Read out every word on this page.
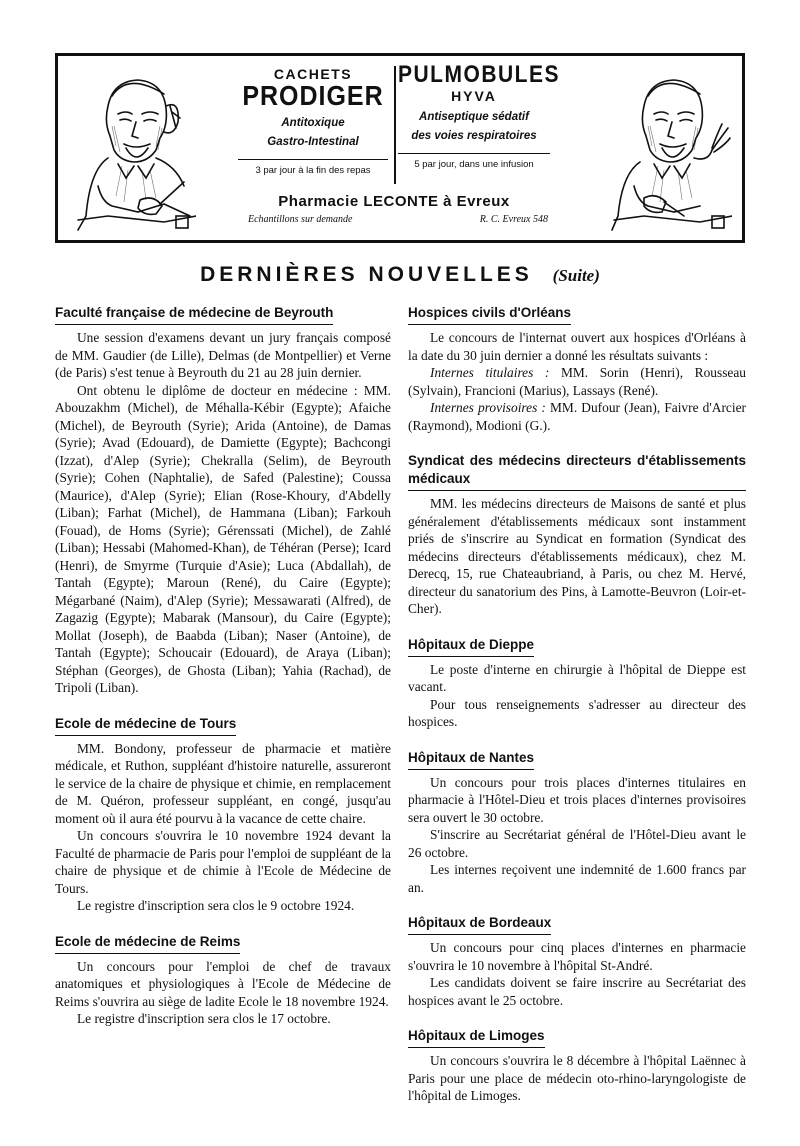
CACHETS
PRODIGER
Antitoxique
Gastro-Intestinal
3 par jour à la fin des repas
PULMOBULES
HYVA
Antiseptique sédatif
des voies respiratoires
5 par jour, dans une infusion
Pharmacie LECONTE à Evreux
Echantillons sur demande	R. C. Evreux 548
DERNIÈRES NOUVELLES (Suite)
Faculté française de médecine de Beyrouth

Une session d'examens devant un jury français composé de MM. Gaudier (de Lille), Delmas (de Montpellier) et Verne (de Paris) s'est tenue à Beyrouth du 21 au 28 juin dernier.

Ont obtenu le diplôme de docteur en médecine : MM. Abouzakhm (Michel), de Méhalla-Kébir (Egypte); Afaiche (Michel), de Beyrouth (Syrie); Arida (Antoine), de Damas (Syrie); Avad (Edouard), de Damiette (Egypte); Bachcongi (Izzat), d'Alep (Syrie); Chekralla (Selim), de Beyrouth (Syrie); Cohen (Naphtalie), de Safed (Palestine); Coussa (Maurice), d'Alep (Syrie); Elian (Rose-Khoury, d'Abdelly (Liban); Farhat (Michel), de Hammana (Liban); Farkouh (Fouad), de Homs (Syrie); Gérenssati (Michel), de Zahlé (Liban); Hessabi (Mahomed-Khan), de Téhéran (Perse); Icard (Henri), de Smyrme (Turquie d'Asie); Luca (Abdallah), de Tantah (Egypte); Maroun (René), du Caire (Egypte); Mégarbané (Naim), d'Alep (Syrie); Messawarati (Alfred), de Zagazig (Egypte); Mabarak (Mansour), du Caire (Egypte); Mollat (Joseph), de Baabda (Liban); Naser (Antoine), de Tantah (Egypte); Schoucair (Edouard), de Araya (Liban); Stéphan (Georges), de Ghosta (Liban); Yahia (Rachad), de Tripoli (Liban).

Ecole de médecine de Tours

MM. Bondony, professeur de pharmacie et matière médicale, et Ruthon, suppléant d'histoire naturelle, assureront le service de la chaire de physique et chimie, en remplacement de M. Quéron, professeur suppléant, en congé, jusqu'au moment où il aura été pourvu à la vacance de cette chaire.

Un concours s'ouvrira le 10 novembre 1924 devant la Faculté de pharmacie de Paris pour l'emploi de suppléant de la chaire de physique et de chimie à l'Ecole de Médecine de Tours.

Le registre d'inscription sera clos le 9 octobre 1924.

Ecole de médecine de Reims

Un concours pour l'emploi de chef de travaux anatomiques et physiologiques à l'Ecole de Médecine de Reims s'ouvrira au siège de ladite Ecole le 18 novembre 1924.

Le registre d'inscription sera clos le 17 octobre.

Hospices civils d'Orléans

Le concours de l'internat ouvert aux hospices d'Orléans à la date du 30 juin dernier a donné les résultats suivants :

Internes titulaires : MM. Sorin (Henri), Rousseau (Sylvain), Francioni (Marius), Lassays (René).

Internes provisoires : MM. Dufour (Jean), Faivre d'Arcier (Raymond), Modioni (G.).

Syndicat des médecins directeurs d'établissements médicaux

MM. les médecins directeurs de Maisons de santé et plus généralement d'établissements médicaux sont instamment priés de s'inscrire au Syndicat en formation (Syndicat des médecins directeurs d'établissements médicaux), chez M. Derecq, 15, rue Chateaubriand, à Paris, ou chez M. Hervé, directeur du sanatorium des Pins, à Lamotte-Beuvron (Loir-et-Cher).

Hôpitaux de Dieppe

Le poste d'interne en chirurgie à l'hôpital de Dieppe est vacant.

Pour tous renseignements s'adresser au directeur des hospices.

Hôpitaux de Nantes

Un concours pour trois places d'internes titulaires en pharmacie à l'Hôtel-Dieu et trois places d'internes provisoires sera ouvert le 30 octobre.

S'inscrire au Secrétariat général de l'Hôtel-Dieu avant le 26 octobre.

Les internes reçoivent une indemnité de 1.600 francs par an.

Hôpitaux de Bordeaux

Un concours pour cinq places d'internes en pharmacie s'ouvrira le 10 novembre à l'hôpital St-André.

Les candidats doivent se faire inscrire au Secrétariat des hospices avant le 25 octobre.

Hôpitaux de Limoges

Un concours s'ouvrira le 8 décembre à l'hôpital Laënnec à Paris pour une place de médecin oto-rhino-laryngologiste de l'hôpital de Limoges.
